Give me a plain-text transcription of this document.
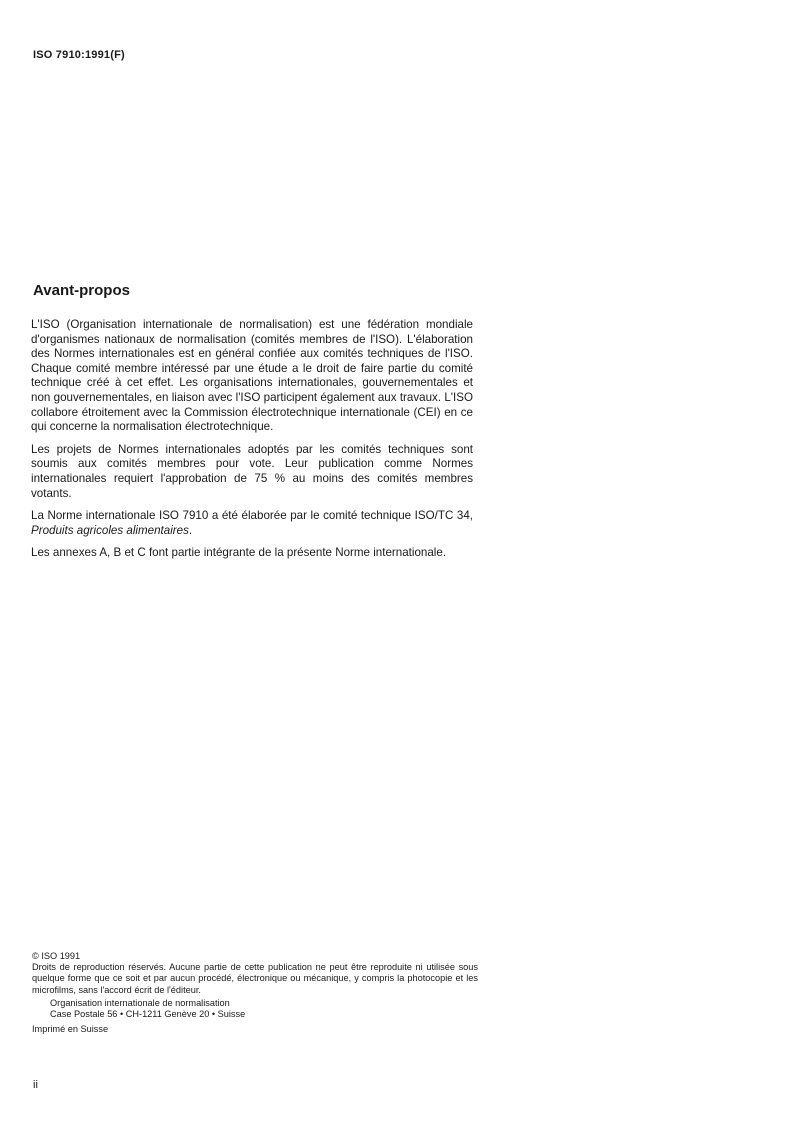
ISO 7910:1991(F)
Avant-propos

L'ISO (Organisation internationale de normalisation) est une fédération mondiale d'organismes nationaux de normalisation (comités membres de l'ISO). L'élaboration des Normes internationales est en général confiée aux comités techniques de l'ISO. Chaque comité membre intéressé par une étude a le droit de faire partie du comité technique créé à cet effet. Les organisations internationales, gouvernementales et non gouvernementales, en liaison avec l'ISO participent également aux travaux. L'ISO collabore étroitement avec la Commission électrotechnique internationale (CEI) en ce qui concerne la normalisation électrotechnique.

Les projets de Normes internationales adoptés par les comités techniques sont soumis aux comités membres pour vote. Leur publication comme Normes internationales requiert l'approbation de 75 % au moins des comités membres votants.

La Norme internationale ISO 7910 a été élaborée par le comité technique ISO/TC 34, Produits agricoles alimentaires.

Les annexes A, B et C font partie intégrante de la présente Norme internationale.

© ISO 1991
Droits de reproduction réservés. Aucune partie de cette publication ne peut être reproduite ni utilisée sous quelque forme que ce soit et par aucun procédé, électronique ou mécanique, y compris la photocopie et les microfilms, sans l'accord écrit de l'éditeur.
Organisation internationale de normalisation
Case Postale 56 • CH-1211 Genève 20 • Suisse
Imprimé en Suisse
ii
